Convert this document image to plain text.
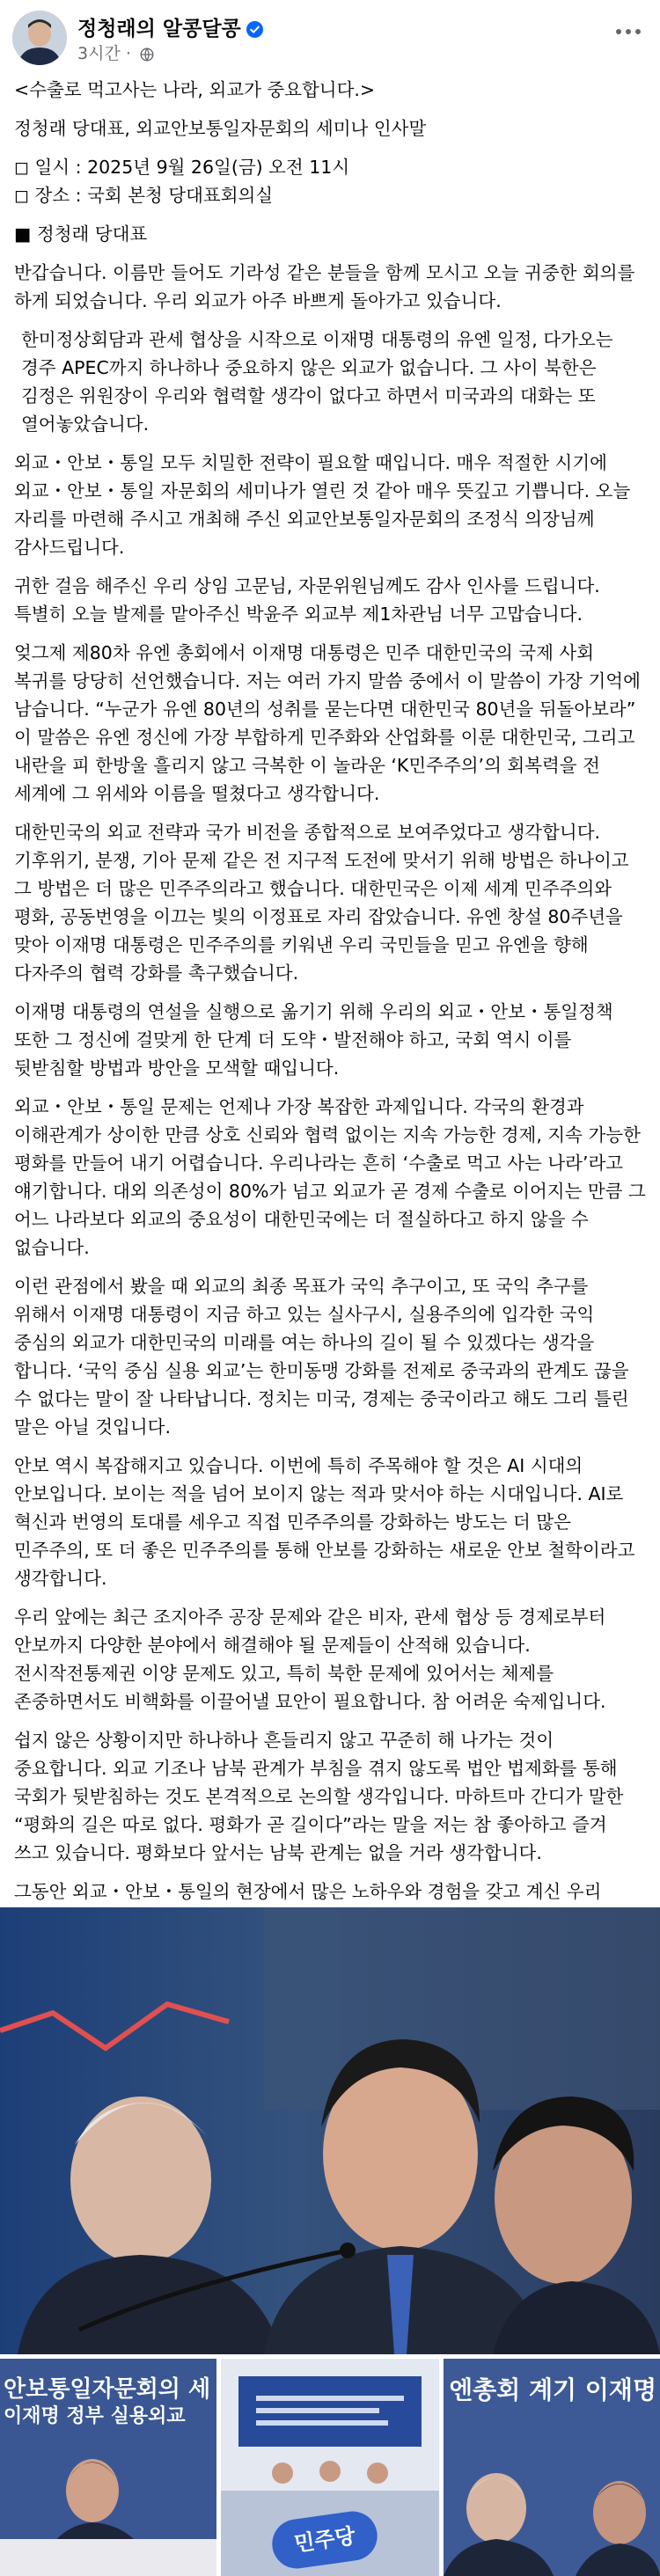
정청래의 알콩달콩
3시간 ·

<수출로 먹고사는 나라, 외교가 중요합니다.>

정청래 당대표, 외교안보통일자문회의 세미나 인사말

◻ 일시 : 2025년 9월 26일(금) 오전 11시

◻ 장소 : 국회 본청 당대표회의실

■ 정청래 당대표

반갑습니다. 이름만 들어도 기라성 같은 분들을 함께 모시고 오늘 귀중한 회의를 하게 되었습니다. 우리 외교가 아주 바쁘게 돌아가고 있습니다.

한미정상회담과 관세 협상을 시작으로 이재명 대통령의 유엔 일정, 다가오는 경주 APEC까지 하나하나 중요하지 않은 외교가 없습니다. 그 사이 북한은 김정은 위원장이 우리와 협력할 생각이 없다고 하면서 미국과의 대화는 또 열어놓았습니다.

외교・안보・통일 모두 치밀한 전략이 필요할 때입니다. 매우 적절한 시기에 외교・안보・통일 자문회의 세미나가 열린 것 같아 매우 뜻깊고 기쁩니다. 오늘 자리를 마련해 주시고 개최해 주신 외교안보통일자문회의 조정식 의장님께 감사드립니다.

귀한 걸음 해주신 우리 상임 고문님, 자문위원님께도 감사 인사를 드립니다. 특별히 오늘 발제를 맡아주신 박윤주 외교부 제1차관님 너무 고맙습니다.

엊그제 제80차 유엔 총회에서 이재명 대통령은 민주 대한민국의 국제 사회 복귀를 당당히 선언했습니다. 저는 여러 가지 말씀 중에서 이 말씀이 가장 기억에 남습니다. “누군가 유엔 80년의 성취를 묻는다면 대한민국 80년을 뒤돌아보라” 이 말씀은 유엔 정신에 가장 부합하게 민주화와 산업화를 이룬 대한민국, 그리고 내란을 피 한방울 흘리지 않고 극복한 이 놀라운 ‘K민주주의’의 회복력을 전 세계에 그 위세와 이름을 떨쳤다고 생각합니다.

대한민국의 외교 전략과 국가 비전을 종합적으로 보여주었다고 생각합니다. 기후위기, 분쟁, 기아 문제 같은 전 지구적 도전에 맞서기 위해 방법은 하나이고 그 방법은 더 많은 민주주의라고 했습니다. 대한민국은 이제 세계 민주주의와 평화, 공동번영을 이끄는 빛의 이정표로 자리 잡았습니다. 유엔 창설 80주년을 맞아 이재명 대통령은 민주주의를 키워낸 우리 국민들을 믿고 유엔을 향해 다자주의 협력 강화를 촉구했습니다.

이재명 대통령의 연설을 실행으로 옮기기 위해 우리의 외교・안보・통일정책 또한 그 정신에 걸맞게 한 단계 더 도약・발전해야 하고, 국회 역시 이를 뒷받침할 방법과 방안을 모색할 때입니다.

외교・안보・통일 문제는 언제나 가장 복잡한 과제입니다. 각국의 환경과 이해관계가 상이한 만큼 상호 신뢰와 협력 없이는 지속 가능한 경제, 지속 가능한 평화를 만들어 내기 어렵습니다. 우리나라는 흔히 ‘수출로 먹고 사는 나라’라고 얘기합니다. 대외 의존성이 80%가 넘고 외교가 곧 경제 수출로 이어지는 만큼 그 어느 나라보다 외교의 중요성이 대한민국에는 더 절실하다고 하지 않을 수 없습니다.

이런 관점에서 봤을 때 외교의 최종 목표가 국익 추구이고, 또 국익 추구를 위해서 이재명 대통령이 지금 하고 있는 실사구시, 실용주의에 입각한 국익 중심의 외교가 대한민국의 미래를 여는 하나의 길이 될 수 있겠다는 생각을 합니다. ‘국익 중심 실용 외교’는 한미동맹 강화를 전제로 중국과의 관계도 끊을 수 없다는 말이 잘 나타납니다. 정치는 미국, 경제는 중국이라고 해도 그리 틀린 말은 아닐 것입니다.

안보 역시 복잡해지고 있습니다. 이번에 특히 주목해야 할 것은 AI 시대의 안보입니다. 보이는 적을 넘어 보이지 않는 적과 맞서야 하는 시대입니다. AI로 혁신과 번영의 토대를 세우고 직접 민주주의를 강화하는 방도는 더 많은 민주주의, 또 더 좋은 민주주의를 통해 안보를 강화하는 새로운 안보 철학이라고 생각합니다.

우리 앞에는 최근 조지아주 공장 문제와 같은 비자, 관세 협상 등 경제로부터 안보까지 다양한 분야에서 해결해야 될 문제들이 산적해 있습니다. 전시작전통제권 이양 문제도 있고, 특히 북한 문제에 있어서는 체제를 존중하면서도 비핵화를 이끌어낼 묘안이 필요합니다. 참 어려운 숙제입니다.

쉽지 않은 상황이지만 하나하나 흔들리지 않고 꾸준히 해 나가는 것이 중요합니다. 외교 기조나 남북 관계가 부침을 겪지 않도록 법안 법제화를 통해 국회가 뒷받침하는 것도 본격적으로 논의할 생각입니다. 마하트마 간디가 말한 “평화의 길은 따로 없다. 평화가 곧 길이다”라는 말을 저는 참 좋아하고 즐겨 쓰고 있습니다. 평화보다 앞서는 남북 관계는 없을 거라 생각합니다.

그동안 외교・안보・통일의 현장에서 많은 노하우와 경험을 갖고 계신 우리

안보통일자문회의 세
이재명 정부 실용외교
민주당
엔총회 계기 이재명
